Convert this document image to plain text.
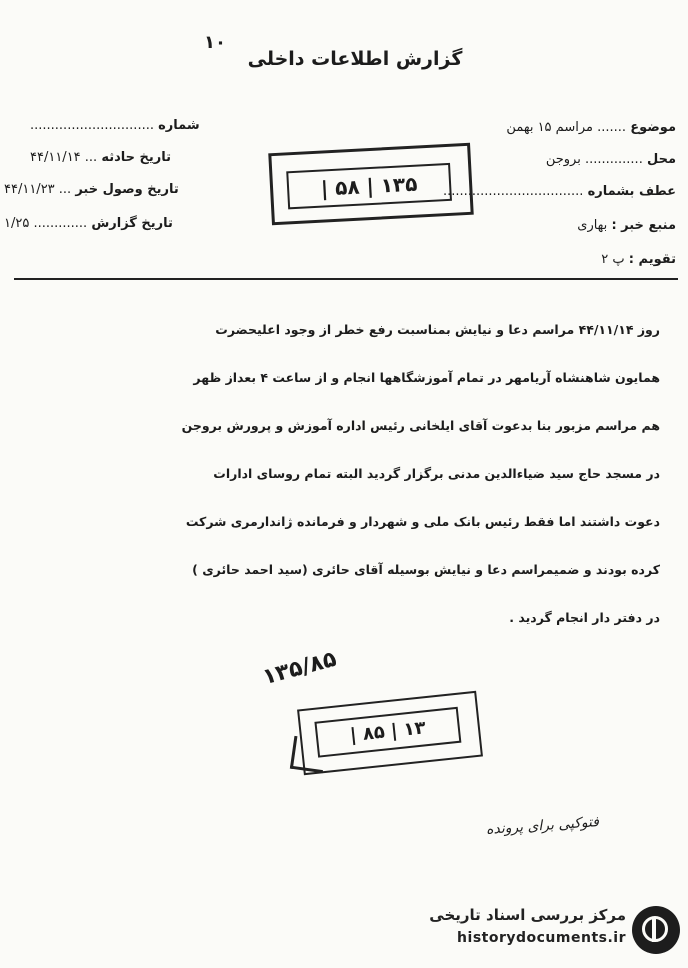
۱۰
گزارش اطلاعات داخلی
موضوع ....... مراسم ۱۵ بهمن
محل .............. بروجن
عطف بشماره ..................................
منبع خبر : بهاری
تقویم : پ ۲
شماره ..............................
تاریخ حادثه ... ۴۴/۱۱/۱۴
تاریخ وصول خبر ... ۴۴/۱۱/۲۳
تاریخ گزارش ............. ۱/۲۵
۱۳۵ | ۵۸ |
روز ۴۴/۱۱/۱۴ مراسم دعا و نیایش بمناسبت رفع خطر از وجود اعلیحضرت
همایون شاهنشاه آریامهر در تمام آموزشگاهها انجام و از ساعت ۴ بعداز ظهر
هم مراسم مزبور بنا بدعوت آقای ایلخانی رئیس اداره آموزش و پرورش بروجن
در مسجد حاج سید ضیاءالدین مدنی برگزار گردید البته تمام روسای ادارات
دعوت داشتند اما فقط رئیس بانک ملی و شهردار و فرمانده ژاندارمری شرکت
کرده بودند و ضمیمراسم دعا و نیایش بوسیله آقای حائری (سید احمد حائری )
در دفتر دار انجام گردید .
۱۳۵/۸۵
۱۳ | ۸۵ |
فتوکپی برای پرونده
مرکز بررسی اسناد تاریخی
historydocuments.ir
